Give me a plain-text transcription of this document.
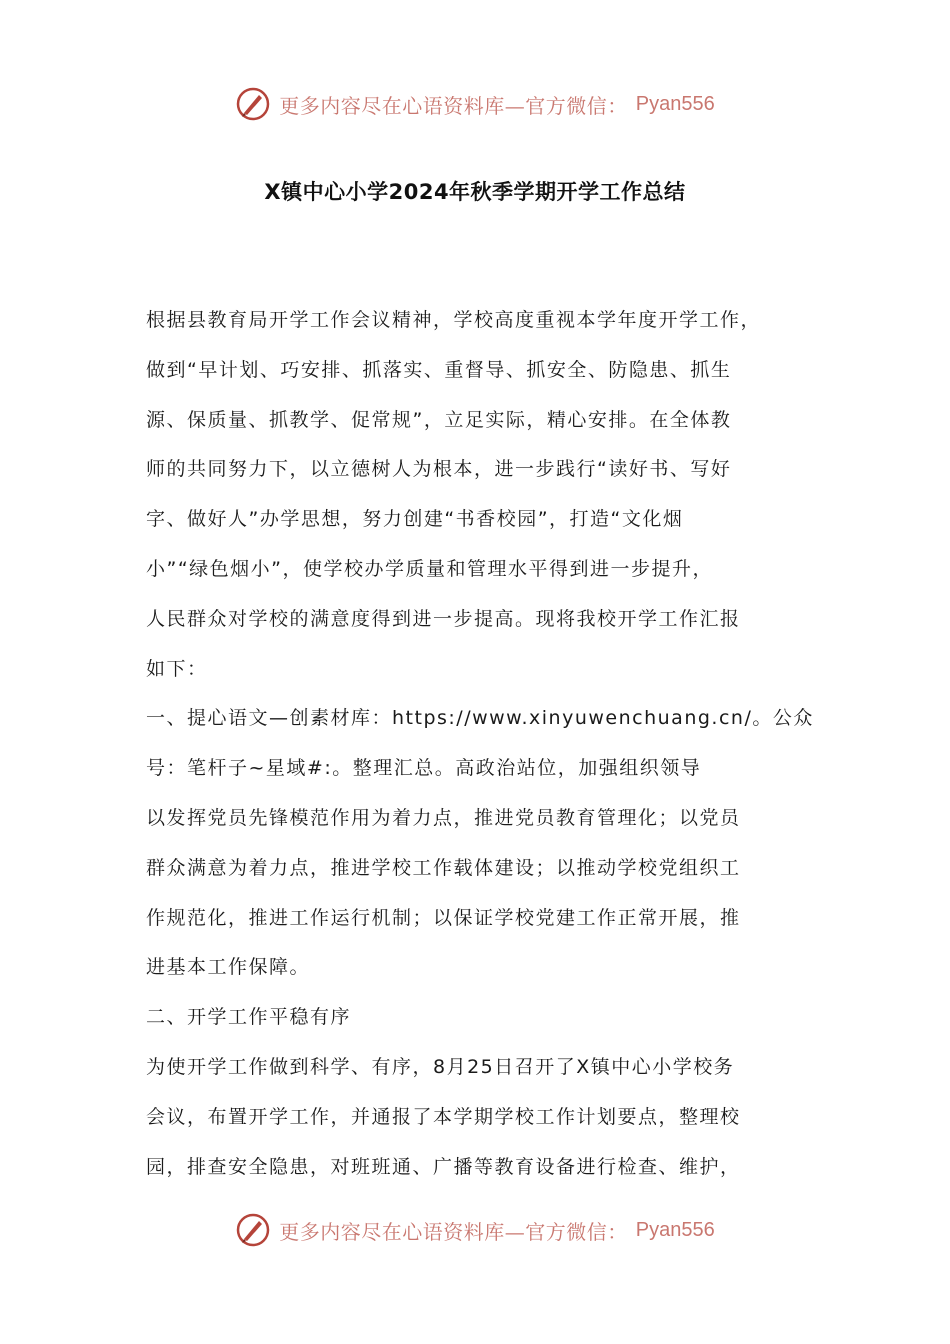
更多内容尽在心语资料库—官方微信： Pyan556
X镇中心小学2024年秋季学期开学工作总结
根据县教育局开学工作会议精神，学校高度重视本学年度开学工作，
做到“早计划、巧安排、抓落实、重督导、抓安全、防隐患、抓生
源、保质量、抓教学、促常规”，立足实际，精心安排。在全体教
师的共同努力下，以立德树人为根本，进一步践行“读好书、写好
字、做好人”办学思想，努力创建“书香校园”，打造“文化烟
小”“绿色烟小”，使学校办学质量和管理水平得到进一步提升，
人民群众对学校的满意度得到进一步提高。现将我校开学工作汇报
如下：
一、提心语文—创素材库：https://www.xinyuwenchuang.cn/。公众
号：笔杆子~星域#:。整理汇总。高政治站位，加强组织领导
以发挥党员先锋模范作用为着力点，推进党员教育管理化；以党员
群众满意为着力点，推进学校工作载体建设；以推动学校党组织工
作规范化，推进工作运行机制；以保证学校党建工作正常开展，推
进基本工作保障。
二、开学工作平稳有序
为使开学工作做到科学、有序，8月25日召开了X镇中心小学校务
会议，布置开学工作，并通报了本学期学校工作计划要点，整理校
园，排查安全隐患，对班班通、广播等教育设备进行检查、维护，
更多内容尽在心语资料库—官方微信： Pyan556
